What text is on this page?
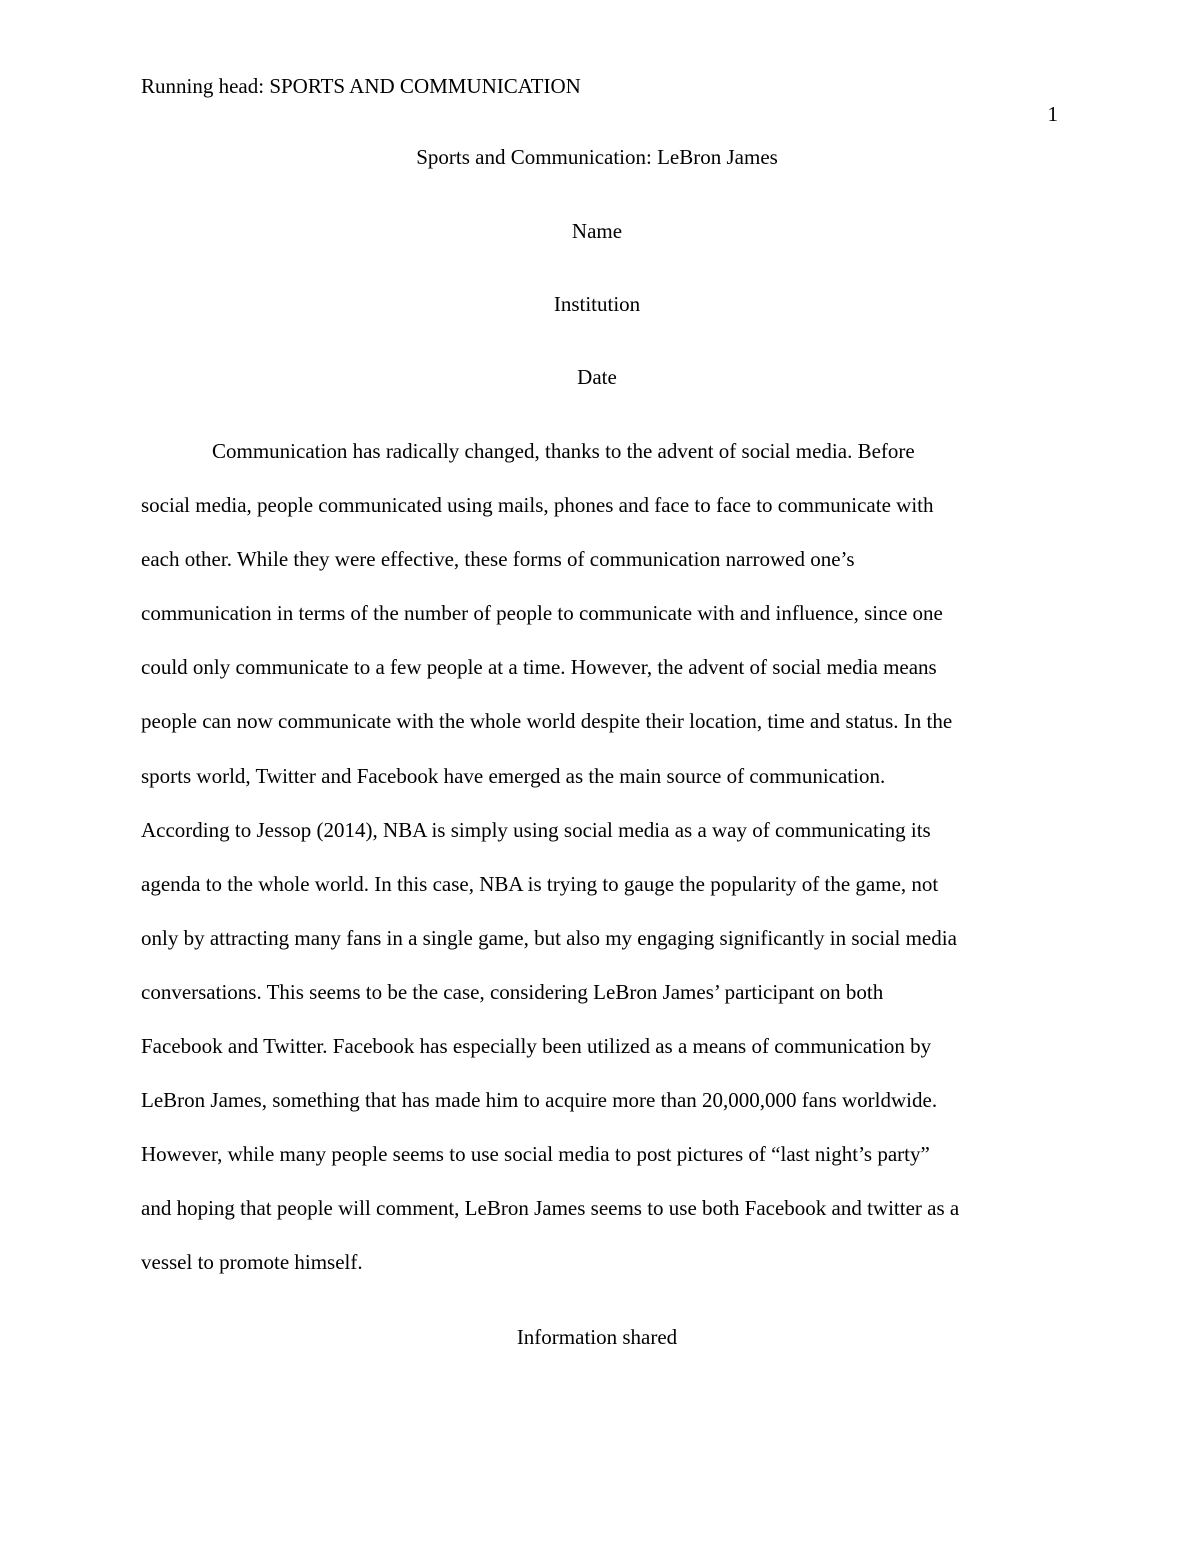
Running head: SPORTS AND COMMUNICATION
1
Sports and Communication: LeBron James
Name
Institution
Date
Communication has radically changed, thanks to the advent of social media. Before
social media, people communicated using mails, phones and face to face to communicate with
each other. While they were effective, these forms of communication narrowed one’s
communication in terms of the number of people to communicate with and influence, since one
could only communicate to a few people at a time. However, the advent of social media means
people can now communicate with the whole world despite their location, time and status. In the
sports world, Twitter and Facebook have emerged as the main source of communication.
According to Jessop (2014), NBA is simply using social media as a way of communicating its
agenda to the whole world. In this case, NBA is trying to gauge the popularity of the game, not
only by attracting many fans in a single game, but also my engaging significantly in social media
conversations. This seems to be the case, considering LeBron James’ participant on both
Facebook and Twitter. Facebook has especially been utilized as a means of communication by
LeBron James, something that has made him to acquire more than 20,000,000 fans worldwide.
However, while many people seems to use social media to post pictures of “last night’s party”
and hoping that people will comment, LeBron James seems to use both Facebook and twitter as a
vessel to promote himself.
Information shared
